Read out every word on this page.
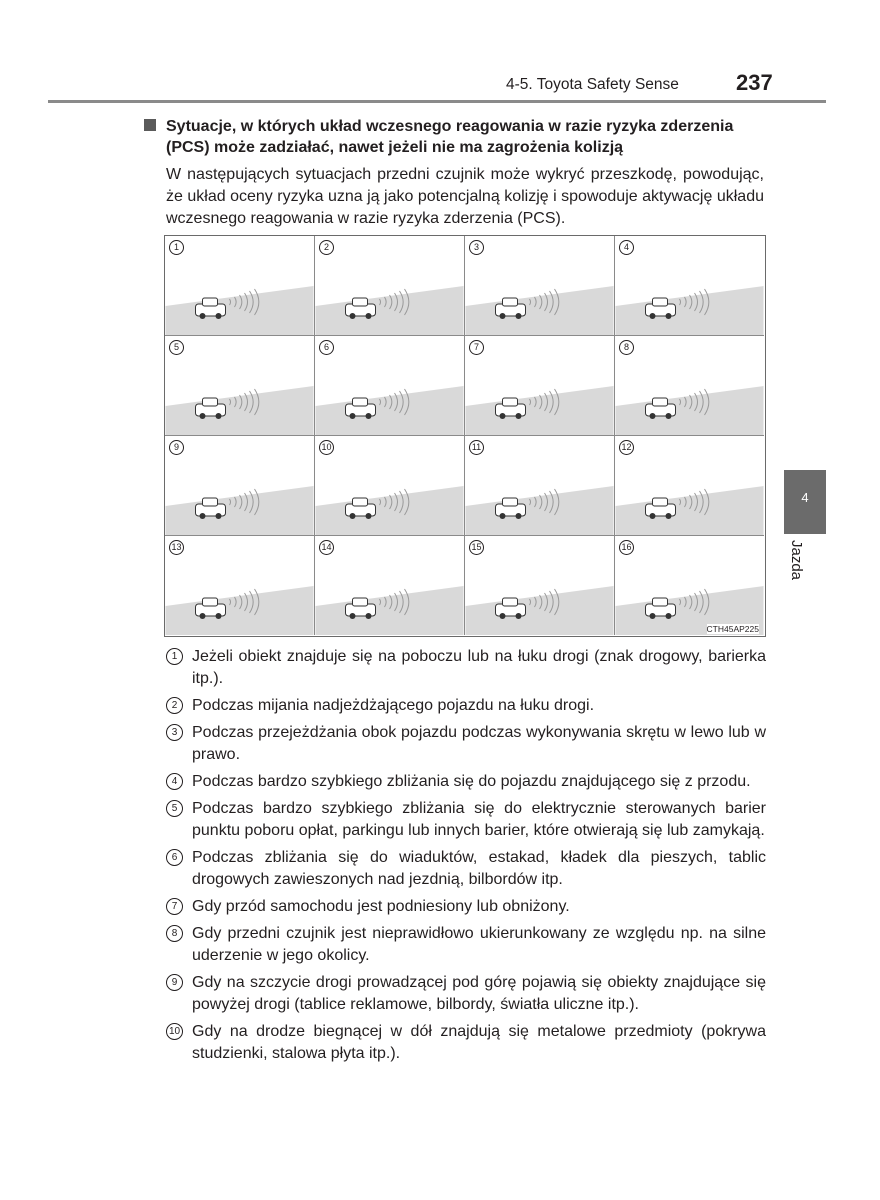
4-5. Toyota Safety Sense	237
Sytuacje, w których układ wczesnego reagowania w razie ryzyka zderzenia (PCS) może zadziałać, nawet jeżeli nie ma zagrożenia kolizją
W następujących sytuacjach przedni czujnik może wykryć przeszkodę, powodując, że układ oceny ryzyka uzna ją jako potencjalną kolizję i spowoduje aktywację układu wczesnego reagowania w razie ryzyka zderzenia (PCS).
1	2	3	4
5	6	7	8
9	10	11	12
13	14	15	16
CTH45AP225
4
Jazda
1 Jeżeli obiekt znajduje się na poboczu lub na łuku drogi (znak drogowy, barierka itp.).
2 Podczas mijania nadjeżdżającego pojazdu na łuku drogi.
3 Podczas przejeżdżania obok pojazdu podczas wykonywania skrętu w lewo lub w prawo.
4 Podczas bardzo szybkiego zbliżania się do pojazdu znajdującego się z przodu.
5 Podczas bardzo szybkiego zbliżania się do elektrycznie sterowanych barier punktu poboru opłat, parkingu lub innych barier, które otwierają się lub zamykają.
6 Podczas zbliżania się do wiaduktów, estakad, kładek dla pieszych, tablic drogowych zawieszonych nad jezdnią, bilbordów itp.
7 Gdy przód samochodu jest podniesiony lub obniżony.
8 Gdy przedni czujnik jest nieprawidłowo ukierunkowany ze względu np. na silne uderzenie w jego okolicy.
9 Gdy na szczycie drogi prowadzącej pod górę pojawią się obiekty znajdujące się powyżej drogi (tablice reklamowe, bilbordy, światła uliczne itp.).
10 Gdy na drodze biegnącej w dół znajdują się metalowe przedmioty (pokrywa studzienki, stalowa płyta itp.).
